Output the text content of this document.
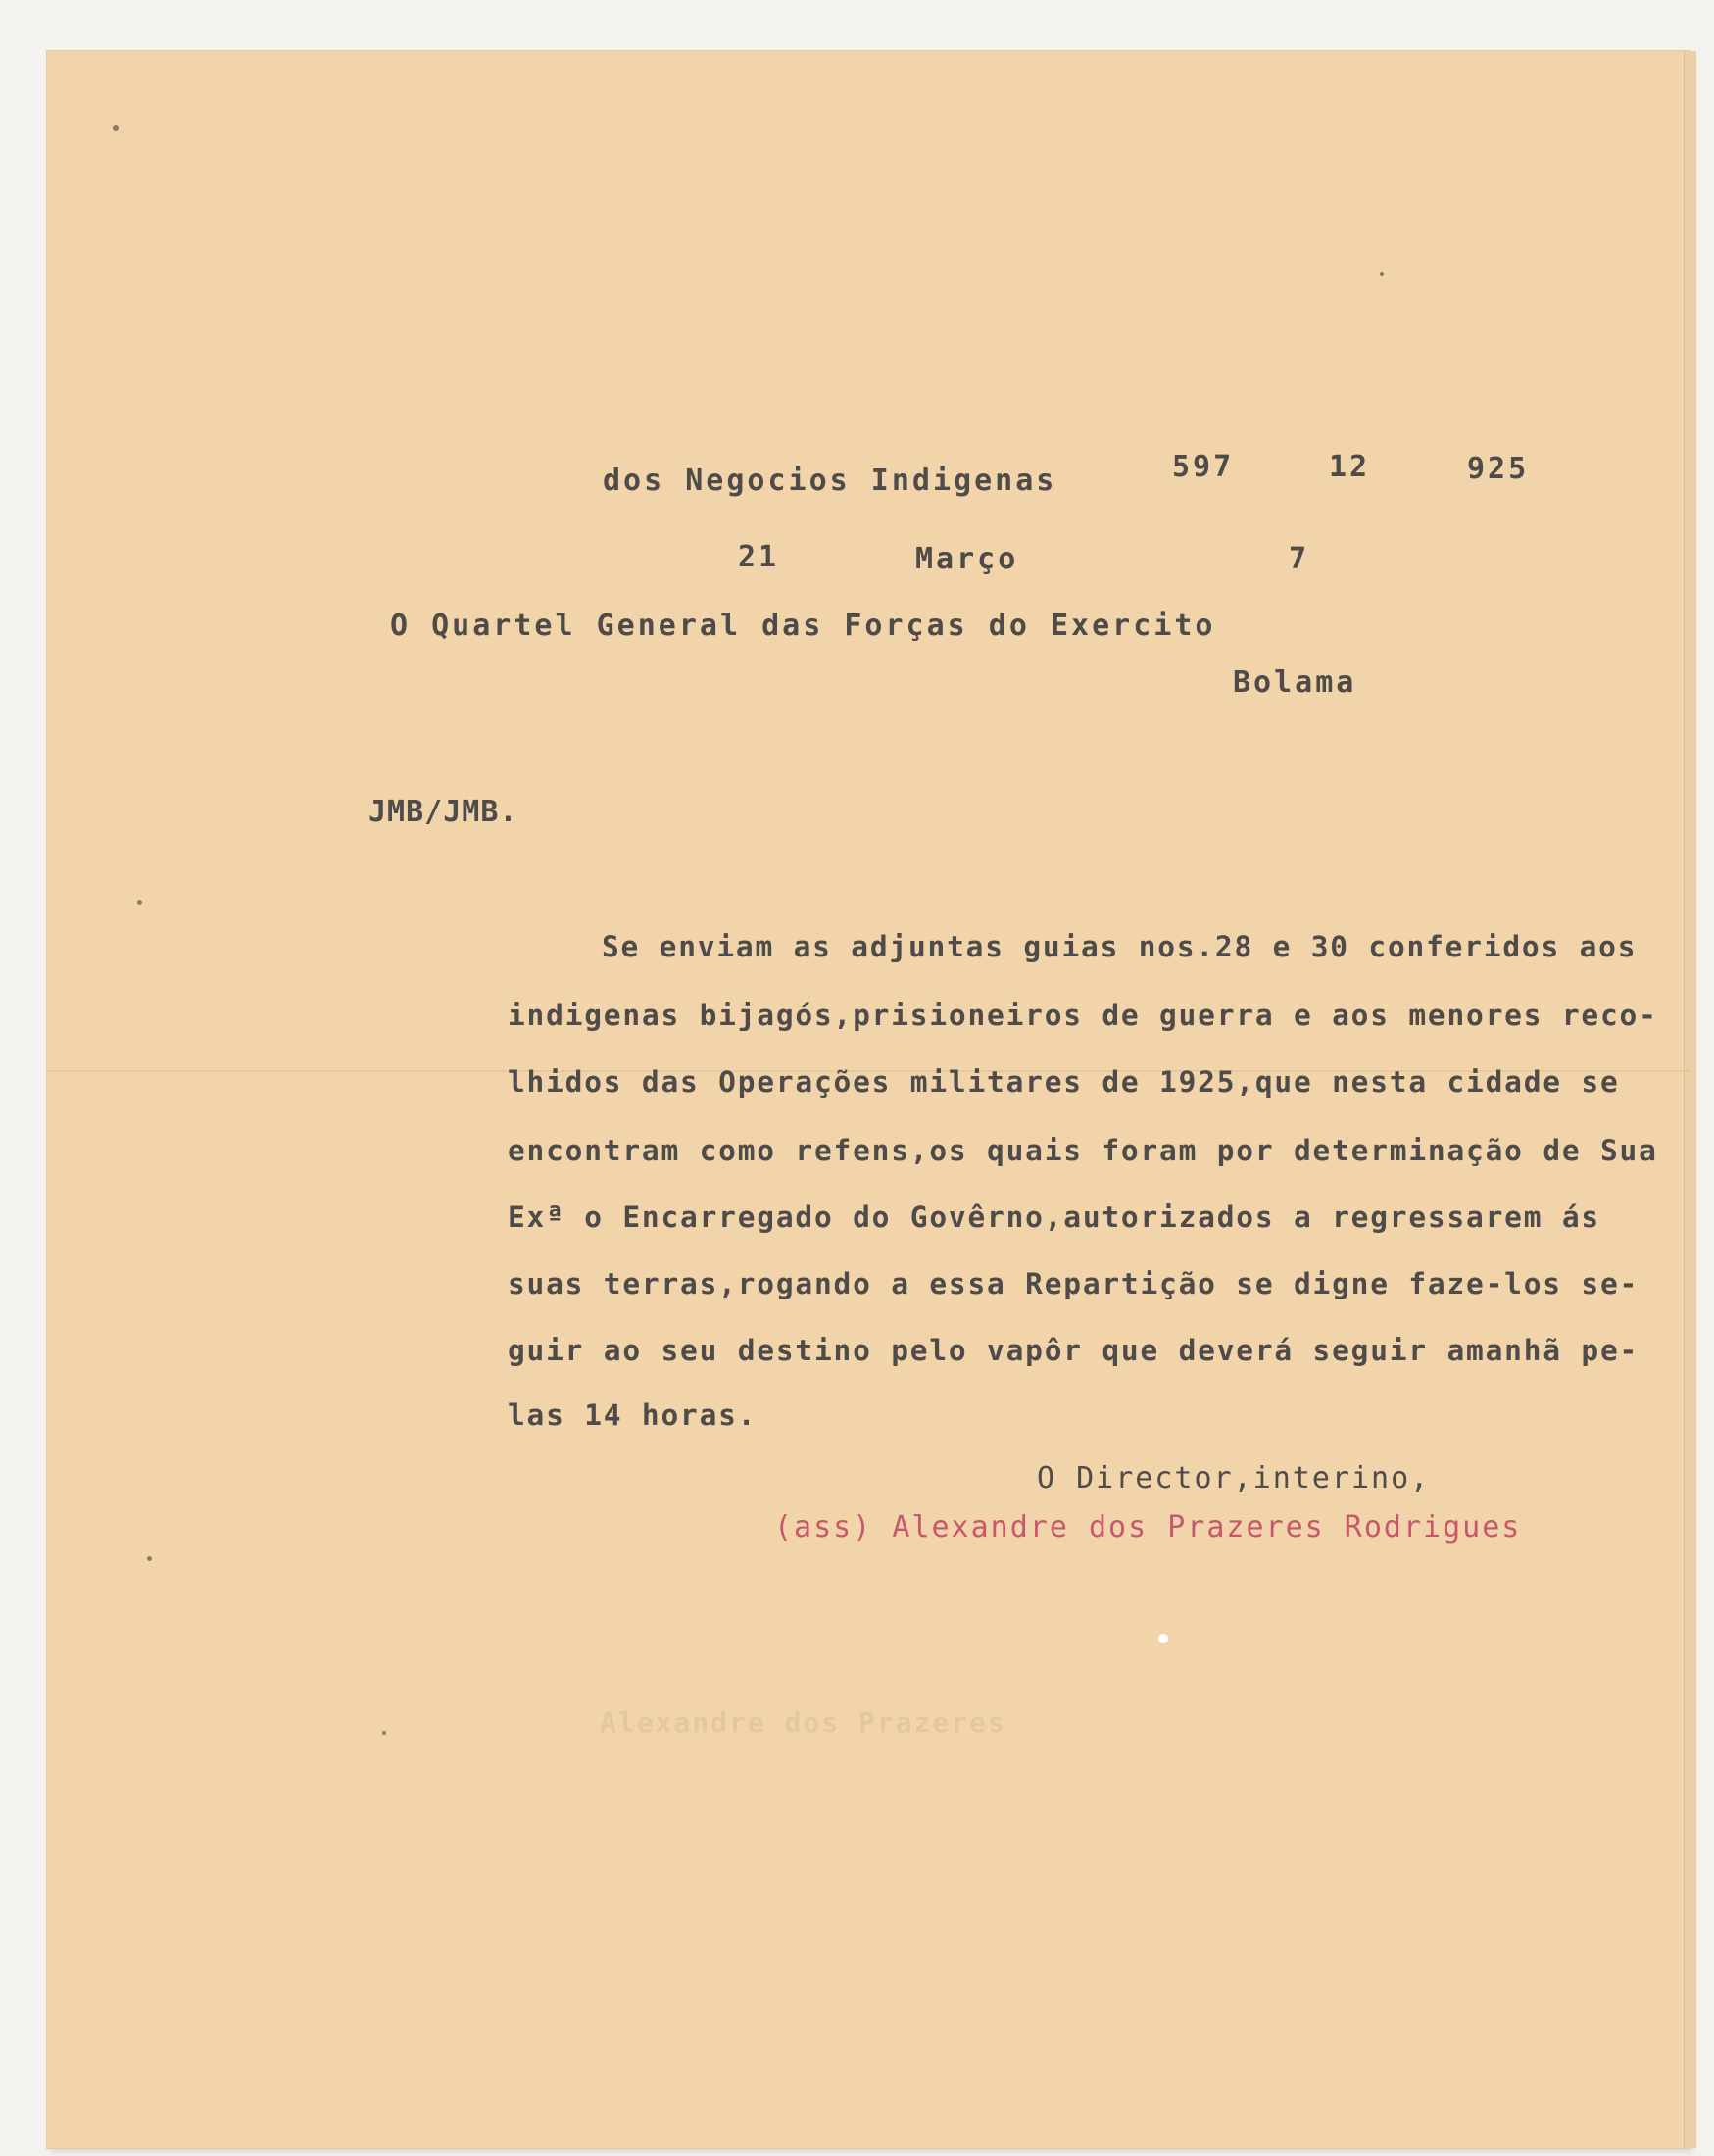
dos Negocios Indigenas	597	12	925
21	Março	7
O Quartel General das Forças do Exercito
Bolama
JMB/JMB.
Se enviam as adjuntas guias nos.28 e 30 conferidos aos
indigenas bijagós,prisioneiros de guerra e aos menores reco-
lhidos das Operações militares de 1925,que nesta cidade se
encontram como refens,os quais foram por determinação de Sua
Exª o Encarregado do Govêrno,autorizados a regressarem ás
suas terras,rogando a essa Repartição se digne faze-los se-
guir ao seu destino pelo vapôr que deverá seguir amanhã pe-
las 14 horas.
O Director,interino,
(ass) Alexandre dos Prazeres Rodrigues
Alexandre dos Prazeres
